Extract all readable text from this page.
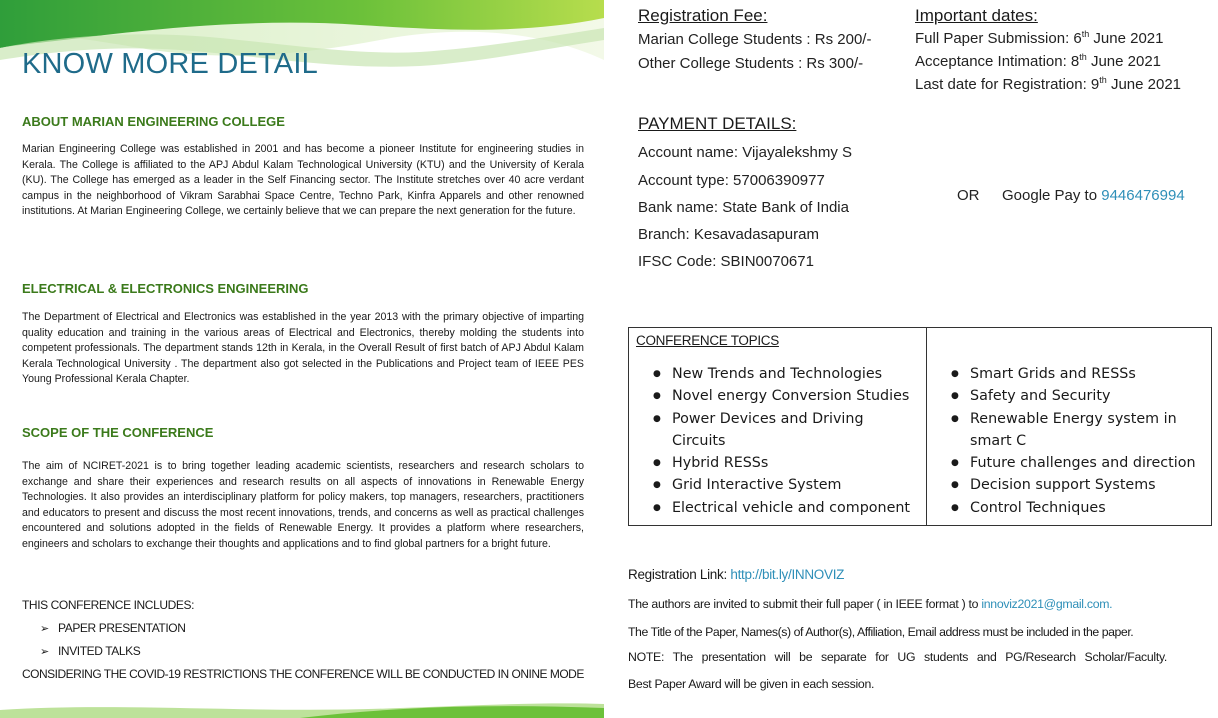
KNOW MORE DETAIL
ABOUT MARIAN ENGINEERING COLLEGE
Marian Engineering College was established in 2001 and has become a pioneer Institute for engineering studies in Kerala. The College is affiliated to the APJ Abdul Kalam Technological University (KTU) and the University of Kerala (KU). The College has emerged as a leader in the Self Financing sector. The Institute stretches over 40 acre verdant campus in the neighborhood of Vikram Sarabhai Space Centre, Techno Park, Kinfra Apparels and other renowned institutions. At Marian Engineering College, we certainly believe that we can prepare the next generation for the future.
ELECTRICAL & ELECTRONICS ENGINEERING
The Department of Electrical and Electronics was established in the year 2013 with the primary objective of imparting quality education and training in the various areas of Electrical and Electronics, thereby molding the students into competent professionals. The department stands 12th in Kerala, in the Overall Result of first batch of APJ Abdul Kalam Kerala Technological University . The department also got selected in the Publications and Project team of IEEE PES Young Professional Kerala Chapter.
SCOPE OF THE CONFERENCE
The aim of NCIRET-2021 is to bring together leading academic scientists, researchers and research scholars to exchange and share their experiences and research results on all aspects of innovations in Renewable Energy Technologies. It also provides an interdisciplinary platform for policy makers, top managers, researchers, practitioners and educators to present and discuss the most recent innovations, trends, and concerns as well as practical challenges encountered and solutions adopted in the fields of Renewable Energy. It provides a platform where researchers, engineers and scholars to exchange their thoughts and applications and to find global partners for a bright future.
THIS CONFERENCE INCLUDES:
➢ PAPER PRESENTATION
➢ INVITED TALKS
CONSIDERING THE COVID-19 RESTRICTIONS THE CONFERENCE WILL BE CONDUCTED IN ONINE MODE
Registration Fee:
Marian College Students : Rs 200/-
Other College Students : Rs 300/-
Important dates:
Full Paper Submission: 6th June 2021
Acceptance Intimation: 8th June 2021
Last date for Registration: 9th June 2021
PAYMENT DETAILS:
Account name: Vijayalekshmy S
Account type: 57006390977
Bank name: State Bank of India
Branch: Kesavadasapuram
IFSC Code: SBIN0070671
OR Google Pay to 9446476994
CONFERENCE TOPICS
● New Trends and Technologies
● Novel energy Conversion Studies
● Power Devices and Driving Circuits
● Hybrid RESSs
● Grid Interactive System
● Electrical vehicle and component
● Smart Grids and RESSs
● Safety and Security
● Renewable Energy system in smart C
● Future challenges and direction
● Decision support Systems
● Control Techniques
Registration Link: http://bit.ly/INNOVIZ
The authors are invited to submit their full paper ( in IEEE format ) to innoviz2021@gmail.com.
The Title of the Paper, Names(s) of Author(s), Affiliation, Email address must be included in the paper.
NOTE: The presentation will be separate for UG students and PG/Research Scholar/Faculty.
Best Paper Award will be given in each session.
